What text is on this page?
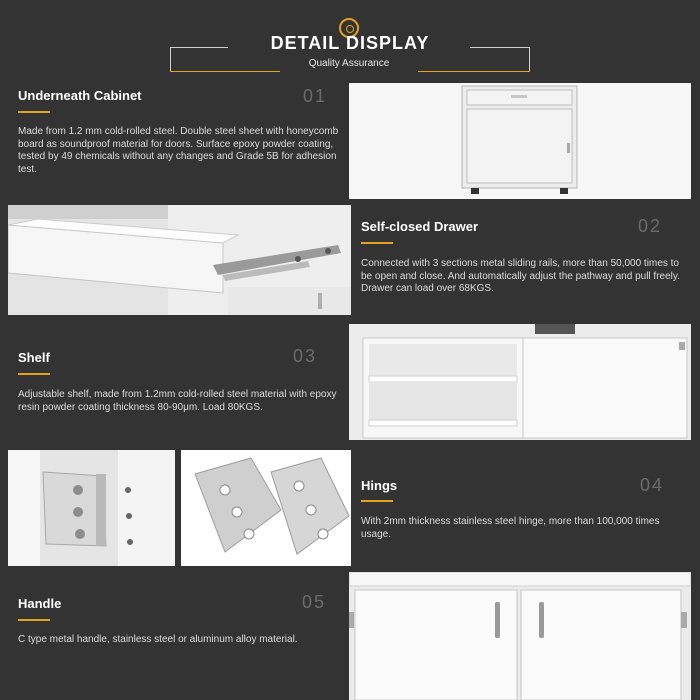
DETAIL DISPLAY
Quality Assurance
Underneath Cabinet	01
Made from 1.2 mm cold-rolled steel. Double steel sheet with honeycomb board as soundproof material for doors. Surface epoxy powder coating, tested by 49 chemicals without any changes and Grade 5B for adhesion test.
Self-closed Drawer	02
Connected with 3 sections metal sliding rails, more than 50,000 times to be open and close. And automatically adjust the pathway and pull freely. Drawer can load over 68KGS.
Shelf	03
Adjustable shelf, made from 1.2mm cold-rolled steel material with epoxy resin powder coating thickness 80-90μm. Load 80KGS.
Hings	04
With 2mm thickness stainless steel hinge, more than 100,000 times usage.
Handle	05
C type metal handle, stainless steel or aluminum alloy material.
